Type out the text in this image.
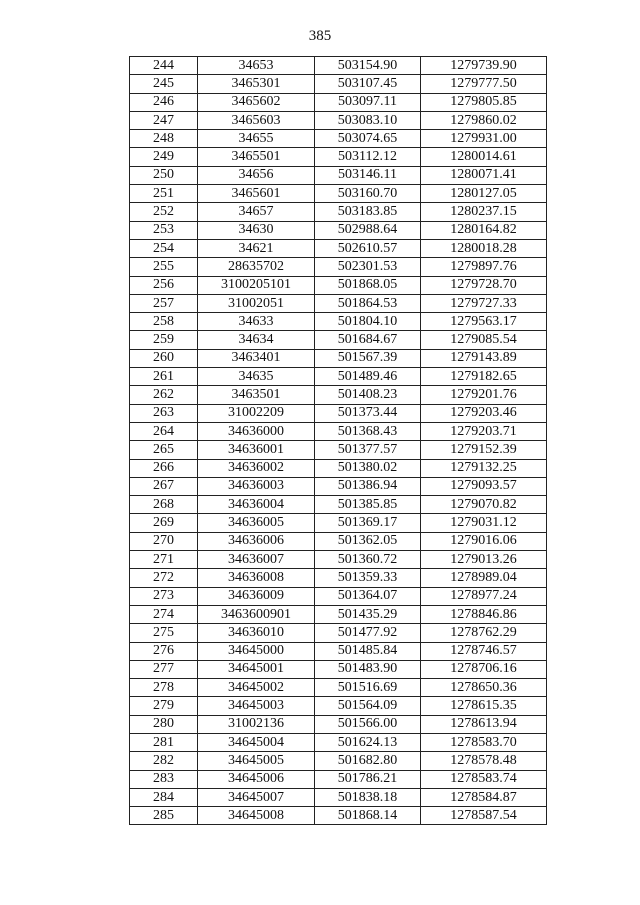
385
244	34653	503154.90	1279739.90
245	3465301	503107.45	1279777.50
246	3465602	503097.11	1279805.85
247	3465603	503083.10	1279860.02
248	34655	503074.65	1279931.00
249	3465501	503112.12	1280014.61
250	34656	503146.11	1280071.41
251	3465601	503160.70	1280127.05
252	34657	503183.85	1280237.15
253	34630	502988.64	1280164.82
254	34621	502610.57	1280018.28
255	28635702	502301.53	1279897.76
256	3100205101	501868.05	1279728.70
257	31002051	501864.53	1279727.33
258	34633	501804.10	1279563.17
259	34634	501684.67	1279085.54
260	3463401	501567.39	1279143.89
261	34635	501489.46	1279182.65
262	3463501	501408.23	1279201.76
263	31002209	501373.44	1279203.46
264	34636000	501368.43	1279203.71
265	34636001	501377.57	1279152.39
266	34636002	501380.02	1279132.25
267	34636003	501386.94	1279093.57
268	34636004	501385.85	1279070.82
269	34636005	501369.17	1279031.12
270	34636006	501362.05	1279016.06
271	34636007	501360.72	1279013.26
272	34636008	501359.33	1278989.04
273	34636009	501364.07	1278977.24
274	3463600901	501435.29	1278846.86
275	34636010	501477.92	1278762.29
276	34645000	501485.84	1278746.57
277	34645001	501483.90	1278706.16
278	34645002	501516.69	1278650.36
279	34645003	501564.09	1278615.35
280	31002136	501566.00	1278613.94
281	34645004	501624.13	1278583.70
282	34645005	501682.80	1278578.48
283	34645006	501786.21	1278583.74
284	34645007	501838.18	1278584.87
285	34645008	501868.14	1278587.54
